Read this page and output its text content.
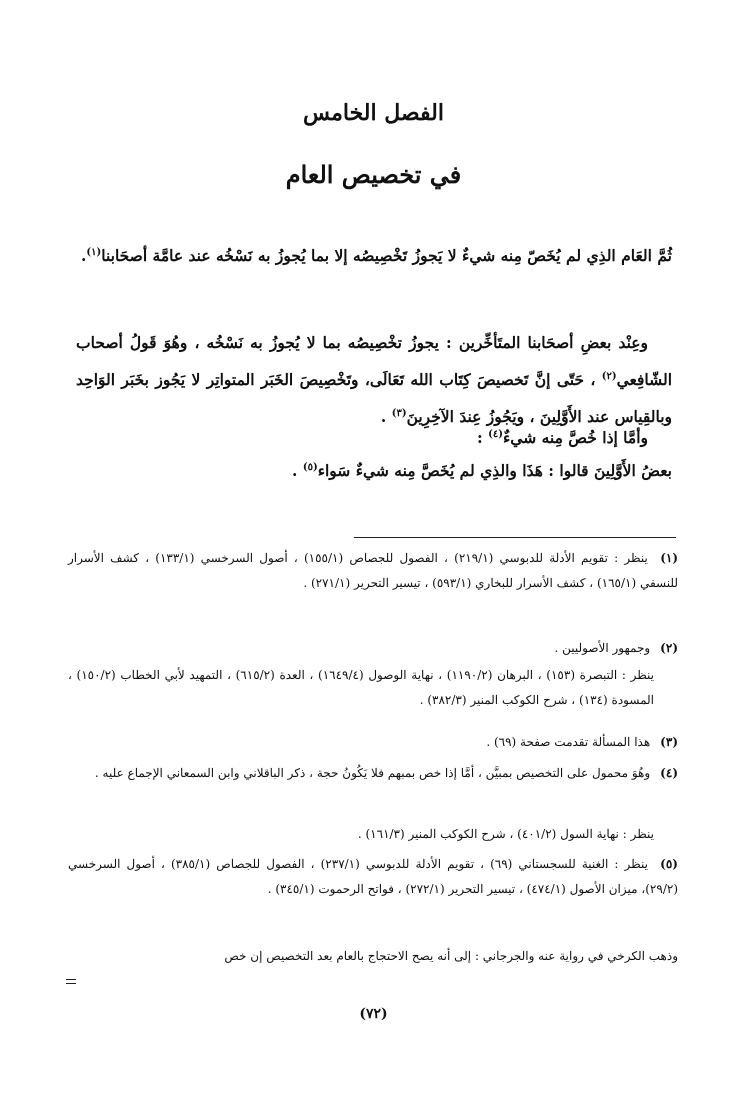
الفصل الخامس
في تخصيص العام
ثُمَّ العَام الذِي لم يُخَصّ مِنه شيءٌ لا يَجوزُ تَخْصِيصُه إلا بما يُجوزُ به نَسْخُه عند عامَّة أصحَابنا$^{(١)}$.
وعِنْد بعضِ أصحَابنا المتَأخِّرين : يجوزُ تخْصِيصُه بما لا يُجوزُ به نَسْخُه ، وهُوَ قَولُ أصحاب الشّافِعي$^{(٢)}$ ، حَتّى إنَّ تَخصيصَ كِتَاب الله تَعَالَى، وتَخْصِيصَ الخَبَر المتواتِر لا يَجُوز بخَبَر الوَاحِد وبالقِياس عند الأَوَّلِينَ ، ويَجُوزُ عِندَ الآخِرِينَ$^{(٣)}$ .
وأمَّا إذا خُصَّ مِنه شيءٌ$^{(٤)}$ :
بعضُ الأَوَّلِينَ قالوا : هَذَا والذِي لم يُخَصَّ مِنه شيءٌ سَواء$^{(٥)}$ .
(١) ينظر : تقويم الأدلة للدبوسي (٢١٩/١) ، الفصول للجصاص (١٥٥/١) ، أصول السرخسي (١٣٣/١) ، كشف الأسرار للنسفي (١٦٥/١) ، كشف الأسرار للبخاري (٥٩٣/١) ، تيسير التحرير (٢٧١/١) .
(٢) وجمهور الأصوليين .
ينظر : التبصرة (١٥٣) ، البرهان (١١٩٠/٢) ، نهاية الوصول (١٦٤٩/٤) ، العدة (٦١٥/٢) ، التمهيد لأبي الخطاب (١٥٠/٢) ، المسودة (١٣٤) ، شرح الكوكب المنير (٣٨٢/٣) .
(٣) هذا المسألة تقدمت صفحة (٦٩) .
(٤) وهُوَ محمول على التخصيص بمبيَّن ، أمَّا إذا خص بمبهم فلا يَكُونُ حجة ، ذكر الباقلاني وابن السمعاني الإجماع عليه .
ينظر : نهاية السول (٤٠١/٢) ، شرح الكوكب المنير (١٦١/٣) .
(٥) ينظر : الغنية للسجستاني (٦٩) ، تقويم الأدلة للدبوسي (٢٣٧/١) ، الفصول للجصاص (٣٨٥/١) ، أصول السرخسي (٢٩/٢)، ميزان الأصول (٤٧٤/١) ، تيسير التحرير (٢٧٢/١) ، فواتح الرحموت (٣٤٥/١) .
وذهب الكرخي في رواية عنه والجرجاني : إلى أنه يصح الاحتجاج بالعام بعد التخصيص إن خص
(٧٢)
